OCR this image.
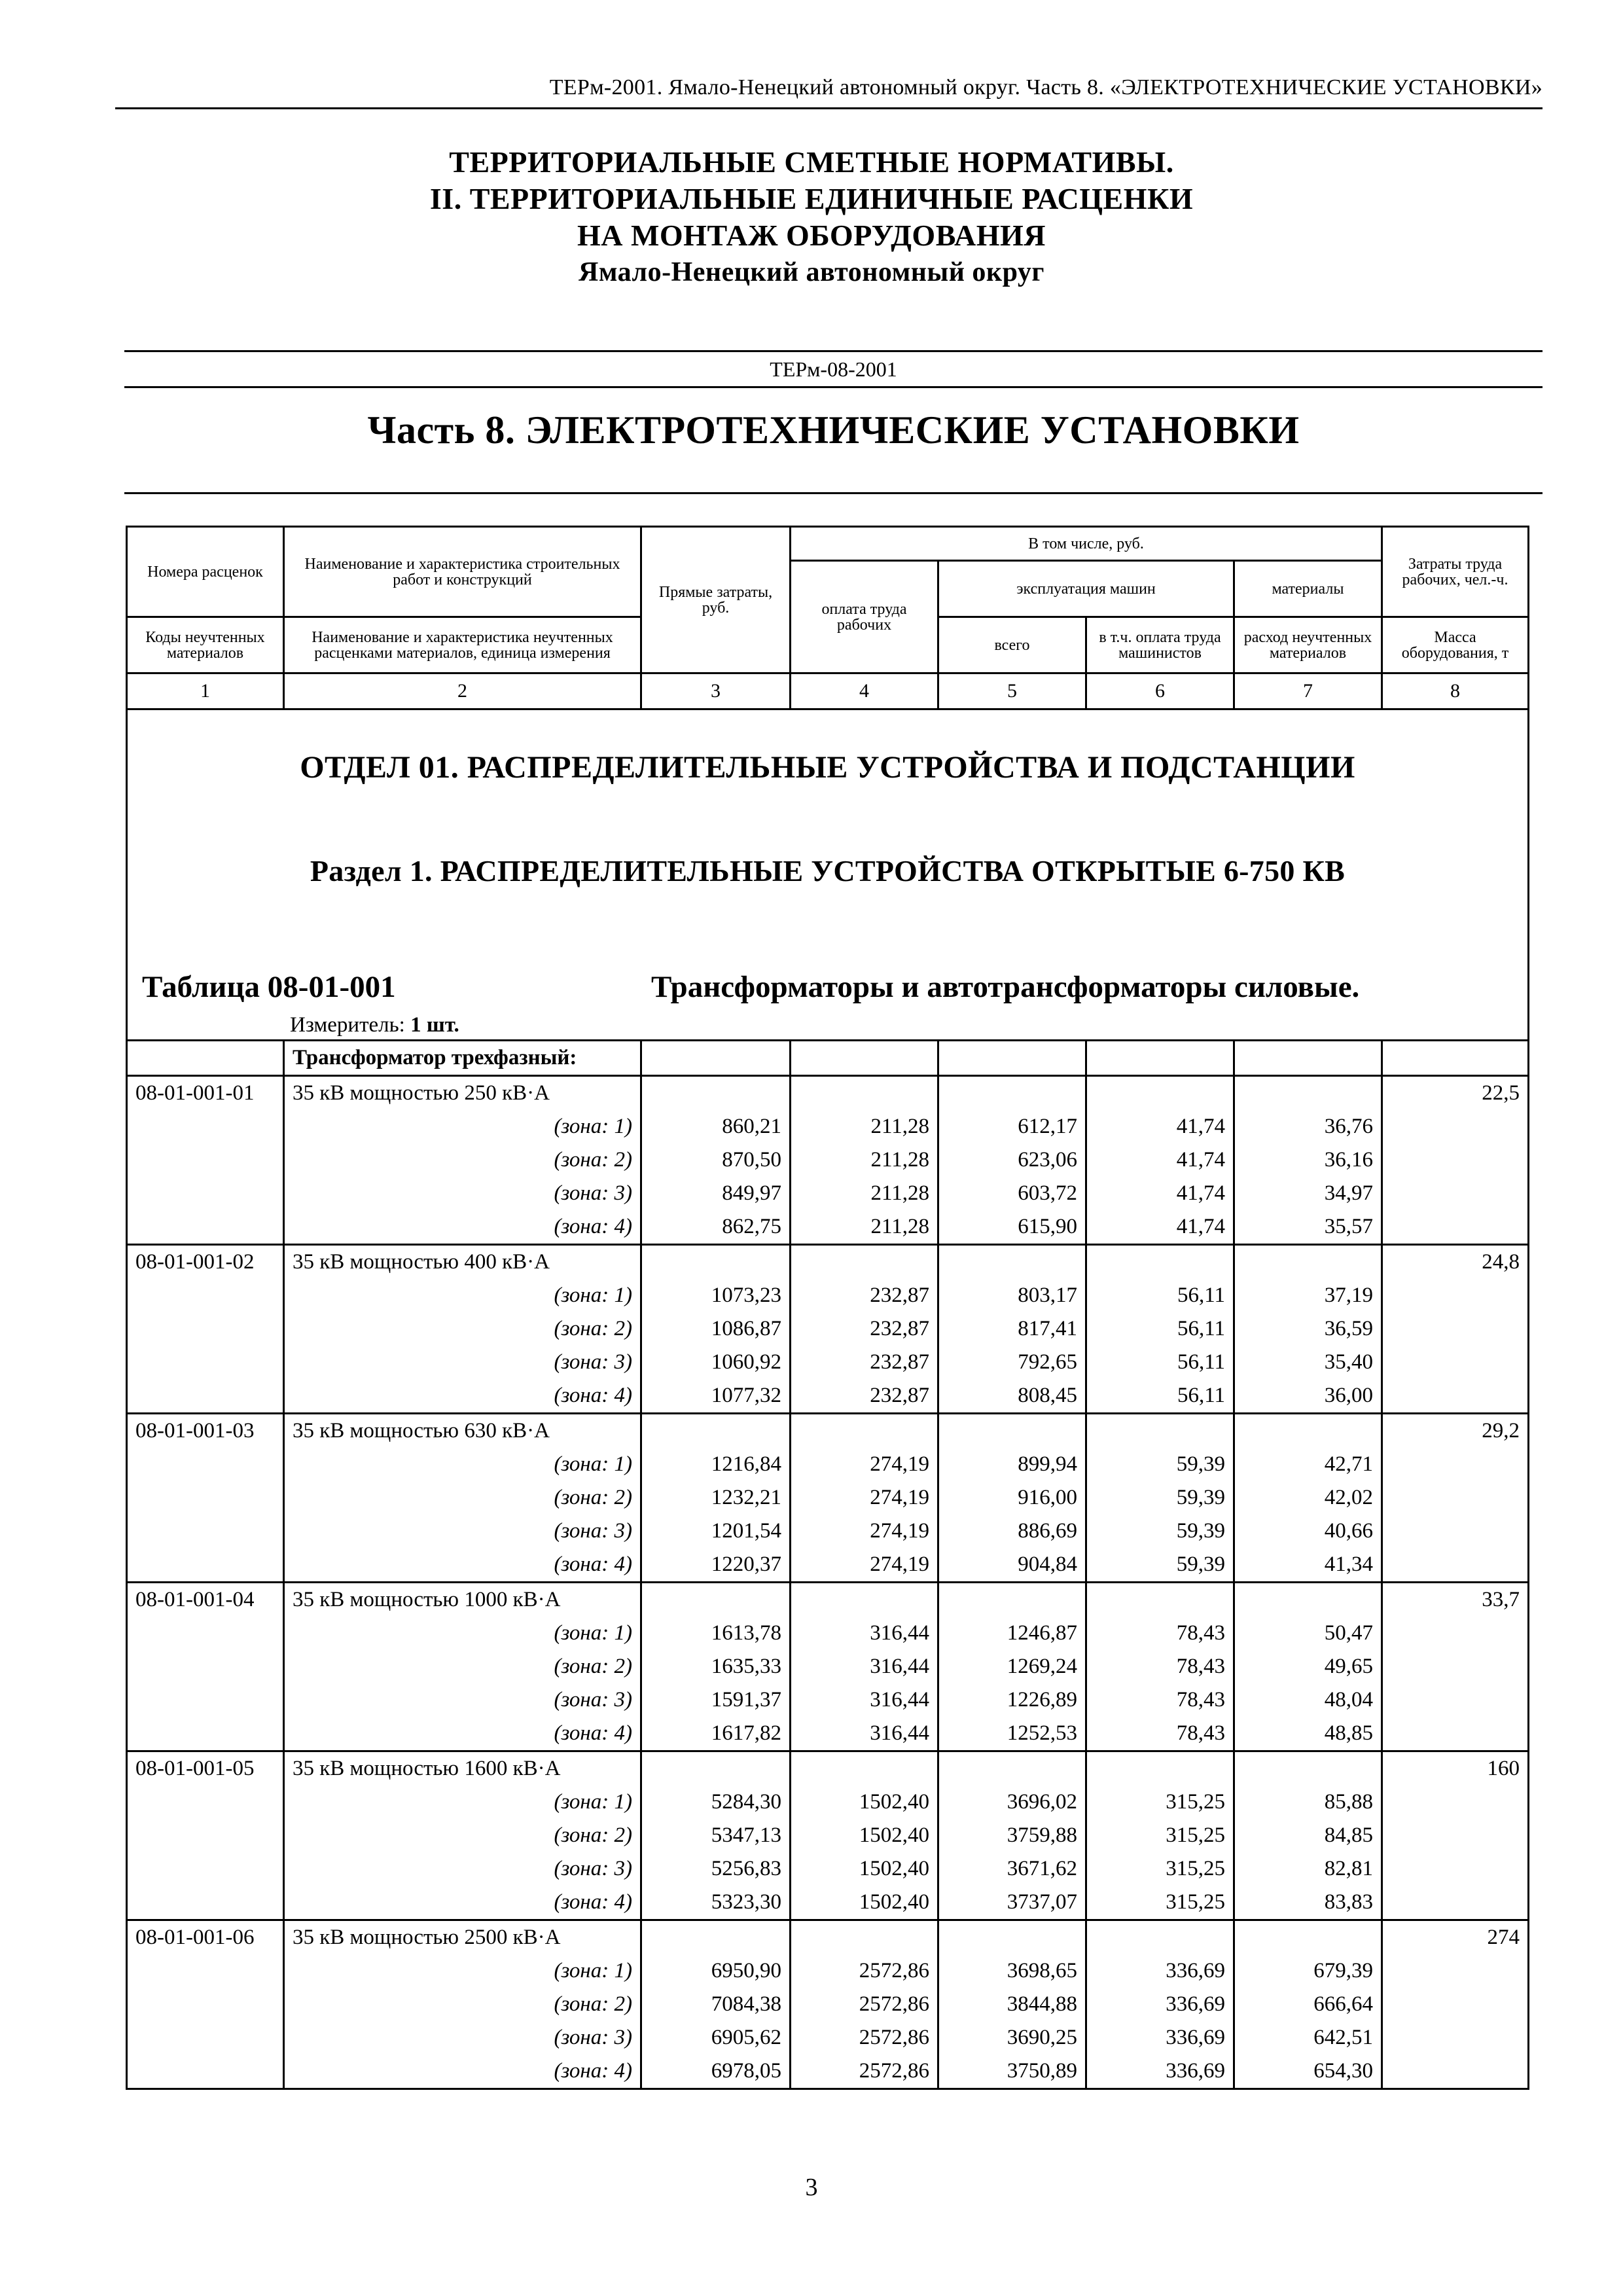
ТЕРм-2001. Ямало-Ненецкий автономный округ. Часть 8. «ЭЛЕКТРОТЕХНИЧЕСКИЕ УСТАНОВКИ»
ТЕРРИТОРИАЛЬНЫЕ СМЕТНЫЕ НОРМАТИВЫ.
II. ТЕРРИТОРИАЛЬНЫЕ ЕДИНИЧНЫЕ РАСЦЕНКИ
НА МОНТАЖ ОБОРУДОВАНИЯ
Ямало-Ненецкий автономный округ
ТЕРм-08-2001
Часть 8. ЭЛЕКТРОТЕХНИЧЕСКИЕ УСТАНОВКИ
Номера расценок	Наименование и характеристика строительных работ и конструкций	Прямые затраты, руб.	В том числе, руб.				Затраты труда рабочих, чел.-ч.
			оплата труда рабочих	эксплуатация машин		материалы	
Коды неучтенных материалов	Наименование и характеристика неучтенных расценками материалов, единица измерения			всего	в т.ч. оплата труда машинистов	расход неучтенных материалов	Масса оборудования, т
1	2	3	4	5	6	7	8

ОТДЕЛ 01. РАСПРЕДЕЛИТЕЛЬНЫЕ УСТРОЙСТВА И ПОДСТАНЦИИ
Раздел 1. РАСПРЕДЕЛИТЕЛЬНЫЕ УСТРОЙСТВА ОТКРЫТЫЕ 6-750 КВ
Таблица 08-01-001 Трансформаторы и автотрансформаторы силовые.
Измеритель: 1 шт.							

	Трансформатор трехфазный:						
08-01-001-01	35 кВ мощностью 250 кВ·А						22,5
	(зона: 1)	860,21	211,28	612,17	41,74	36,76	
	(зона: 2)	870,50	211,28	623,06	41,74	36,16	
	(зона: 3)	849,97	211,28	603,72	41,74	34,97	
	(зона: 4)	862,75	211,28	615,90	41,74	35,57	
08-01-001-02	35 кВ мощностью 400 кВ·А						24,8
	(зона: 1)	1073,23	232,87	803,17	56,11	37,19	
	(зона: 2)	1086,87	232,87	817,41	56,11	36,59	
	(зона: 3)	1060,92	232,87	792,65	56,11	35,40	
	(зона: 4)	1077,32	232,87	808,45	56,11	36,00	
08-01-001-03	35 кВ мощностью 630 кВ·А						29,2
	(зона: 1)	1216,84	274,19	899,94	59,39	42,71	
	(зона: 2)	1232,21	274,19	916,00	59,39	42,02	
	(зона: 3)	1201,54	274,19	886,69	59,39	40,66	
	(зона: 4)	1220,37	274,19	904,84	59,39	41,34	
08-01-001-04	35 кВ мощностью 1000 кВ·А						33,7
	(зона: 1)	1613,78	316,44	1246,87	78,43	50,47	
	(зона: 2)	1635,33	316,44	1269,24	78,43	49,65	
	(зона: 3)	1591,37	316,44	1226,89	78,43	48,04	
	(зона: 4)	1617,82	316,44	1252,53	78,43	48,85	
08-01-001-05	35 кВ мощностью 1600 кВ·А						160
	(зона: 1)	5284,30	1502,40	3696,02	315,25	85,88	
	(зона: 2)	5347,13	1502,40	3759,88	315,25	84,85	
	(зона: 3)	5256,83	1502,40	3671,62	315,25	82,81	
	(зона: 4)	5323,30	1502,40	3737,07	315,25	83,83	
08-01-001-06	35 кВ мощностью 2500 кВ·А						274
	(зона: 1)	6950,90	2572,86	3698,65	336,69	679,39	
	(зона: 2)	7084,38	2572,86	3844,88	336,69	666,64	
	(зона: 3)	6905,62	2572,86	3690,25	336,69	642,51	
	(зона: 4)	6978,05	2572,86	3750,89	336,69	654,30	
3
